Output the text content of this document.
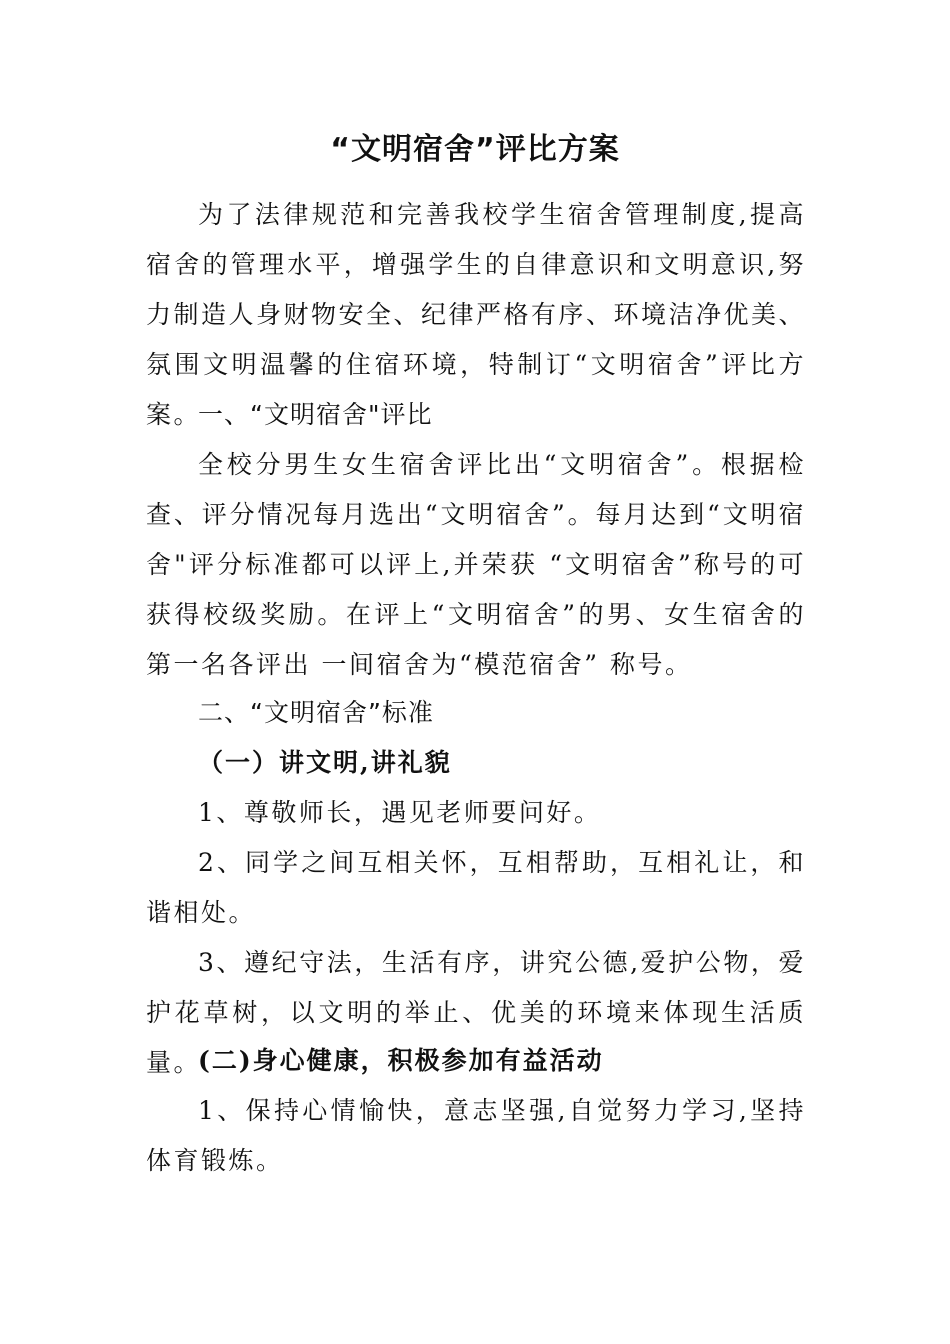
“文明宿舍”评比方案

为了法律规范和完善我校学生宿舍管理制度,提高宿舍的管理水平，增强学生的自律意识和文明意识,努力制造人身财物安全、纪律严格有序、环境洁净优美、氛围文明温馨的住宿环境，特制订“文明宿舍”评比方案。

一、“文明宿舍"评比

全校分男生女生宿舍评比出“文明宿舍”。根据检查、评分情况每月选出“文明宿舍”。每月达到“文明宿舍"评分标准都可以评上,并荣获 “文明宿舍”称号的可获得校级奖励。在评上“文明宿舍”的男、女生宿舍的第一名各评出 一间宿舍为“模范宿舍” 称号。

二、“文明宿舍”标准

（一）讲文明,讲礼貌

1、尊敬师长，遇见老师要问好。

2、同学之间互相关怀，互相帮助，互相礼让，和谐相处。

3、遵纪守法，生活有序，讲究公德,爱护公物，爱护花草树，以文明的举止、优美的环境来体现生活质量。

(二)身心健康，积极参加有益活动

1、保持心情愉快，意志坚强,自觉努力学习,坚持体育锻炼。
